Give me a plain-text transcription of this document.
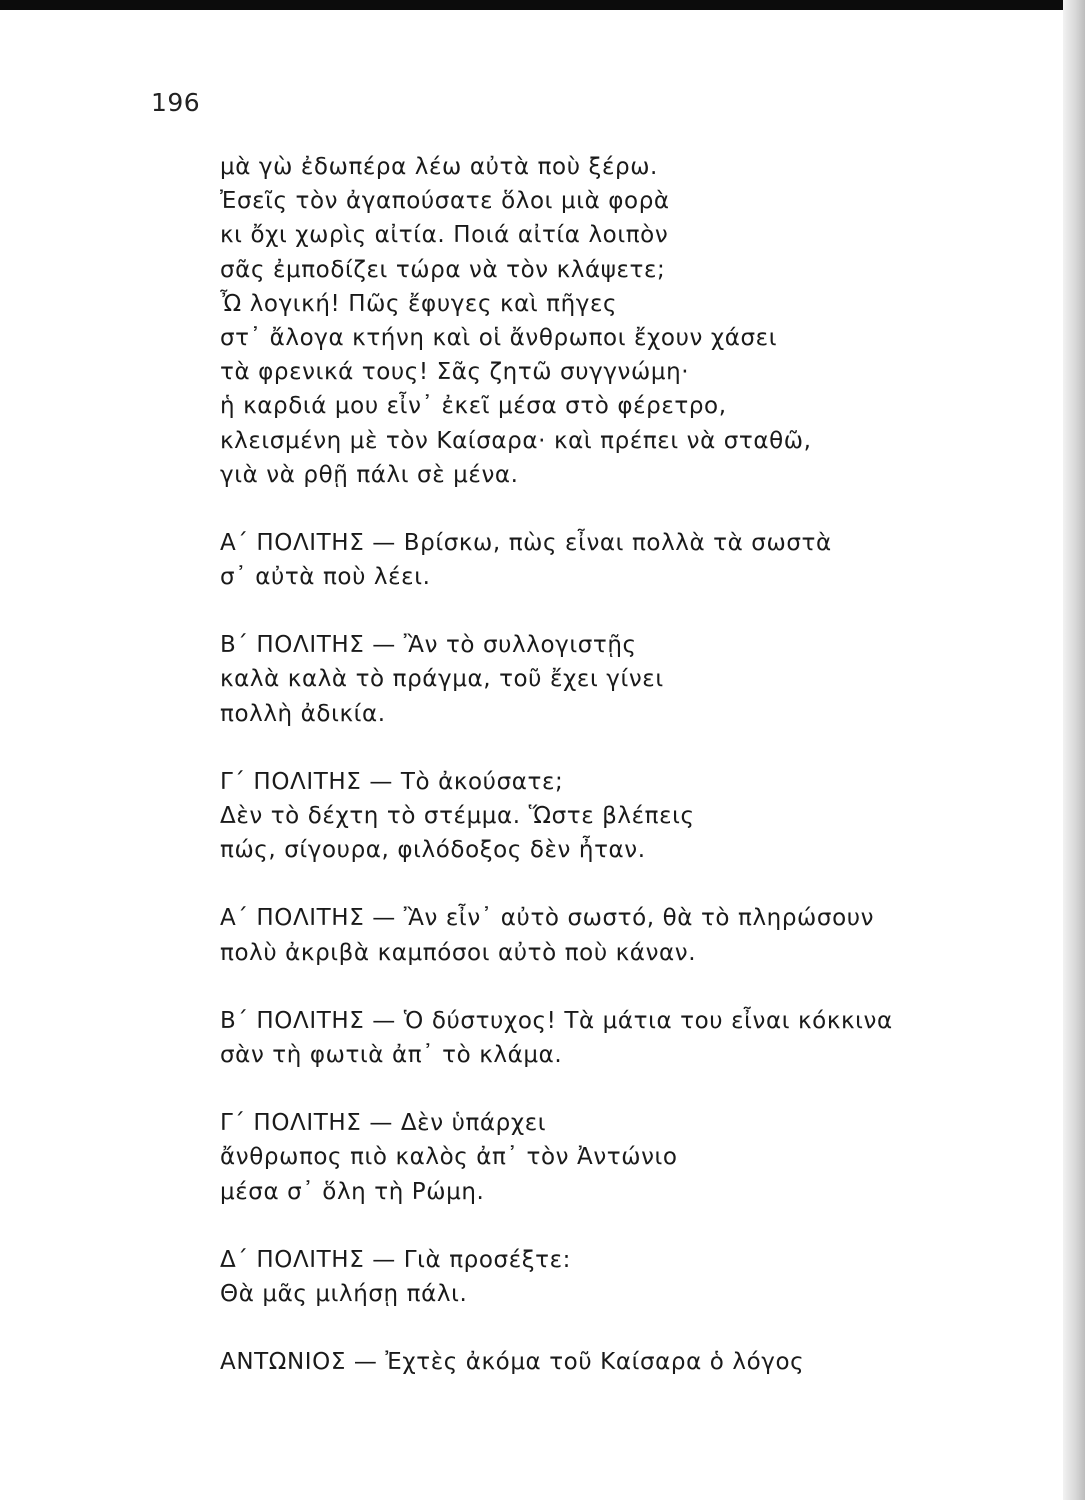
196
μὰ γὼ ἐδωπέρα λέω αὐτὰ ποὺ ξέρω.
Ἐσεῖς τὸν ἀγαπούσατε ὅλοι μιὰ φορὰ
κι ὄχι χωρὶς αἰτία. Ποιά αἰτία λοιπὸν
σᾶς ἐμποδίζει τώρα νὰ τὸν κλάψετε;
Ὦ λογική! Πῶς ἔφυγες καὶ πῆγες
στ᾽ ἄλογα κτήνη καὶ οἱ ἄνθρωποι ἔχουν χάσει
τὰ φρενικά τους! Σᾶς ζητῶ συγγνώμη·
ἡ καρδιά μου εἶν᾽ ἐκεῖ μέσα στὸ φέρετρο,
κλεισμένη μὲ τὸν Καίσαρα· καὶ πρέπει νὰ σταθῶ,
γιὰ νὰ ρθῇ πάλι σὲ μένα.
Α΄ ΠΟΛΙΤΗΣ — Βρίσκω, πὼς εἶναι πολλὰ τὰ σωστὰ
σ᾽ αὐτὰ ποὺ λέει.
Β΄ ΠΟΛΙΤΗΣ — Ἂν τὸ συλλογιστῇς
καλὰ καλὰ τὸ πράγμα, τοῦ ἔχει γίνει
πολλὴ ἀδικία.
Γ΄ ΠΟΛΙΤΗΣ — Τὸ ἀκούσατε;
Δὲν τὸ δέχτη τὸ στέμμα. Ὥστε βλέπεις
πώς, σίγουρα, φιλόδοξος δὲν ἦταν.
Α΄ ΠΟΛΙΤΗΣ — Ἂν εἶν᾽ αὐτὸ σωστό, θὰ τὸ πληρώσουν
πολὺ ἀκριβὰ καμπόσοι αὐτὸ ποὺ κάναν.
Β΄ ΠΟΛΙΤΗΣ — Ὁ δύστυχος! Τὰ μάτια του εἶναι κόκκινα
σὰν τὴ φωτιὰ ἀπ᾽ τὸ κλάμα.
Γ΄ ΠΟΛΙΤΗΣ — Δὲν ὑπάρχει
ἄνθρωπος πιὸ καλὸς ἀπ᾽ τὸν Ἀντώνιο
μέσα σ᾽ ὅλη τὴ Ρώμη.
Δ΄ ΠΟΛΙΤΗΣ — Γιὰ προσέξτε:
Θὰ μᾶς μιλήσῃ πάλι.
ΑΝΤΩΝΙΟΣ — Ἐχτὲς ἀκόμα τοῦ Καίσαρα ὁ λόγος
